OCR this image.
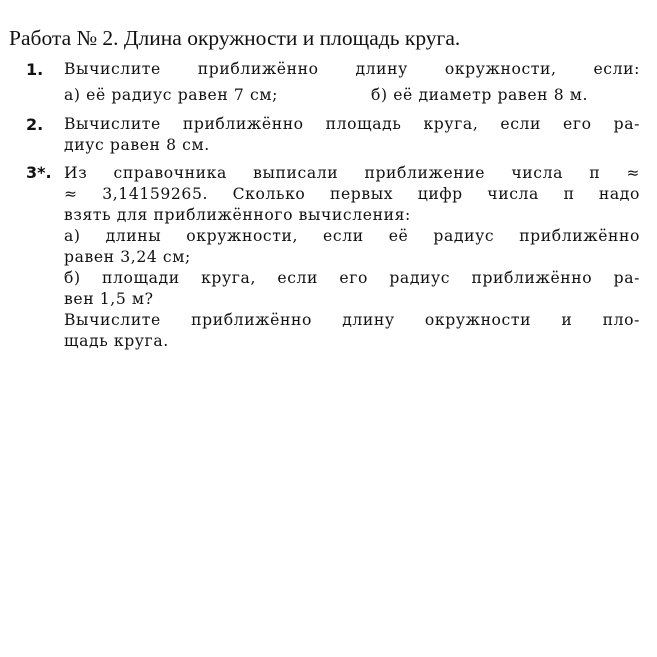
Работа № 2. Длина окружности и площадь круга.
1. Вычислите приближённо длину окружности, если:
а) её радиус равен 7 см;	б) её диаметр равен 8 м.
2. Вычислите приближённо площадь круга, если его ра-
диус равен 8 см.
3*. Из справочника выписали приближение числа π ≈
≈ 3,14159265. Сколько первых цифр числа π надо
взять для приближённого вычисления:
а) длины окружности, если её радиус приближённо
равен 3,24 см;
б) площади круга, если его радиус приближённо ра-
вен 1,5 м?
Вычислите приближённо длину окружности и пло-
щадь круга.
